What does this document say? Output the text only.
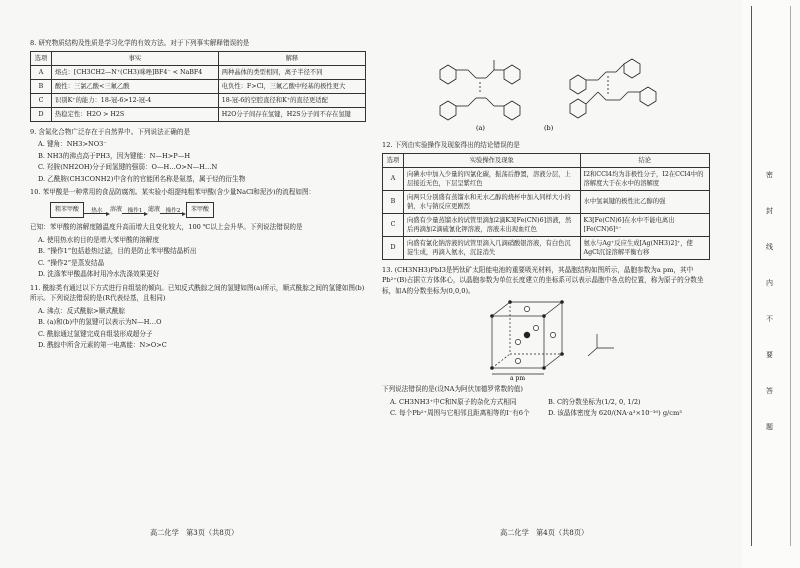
8. 研究物质结构及性质是学习化学的有效方法。对于下列事实解释错误的是
选项	事实	解释
A	熔点：[CH3CH2—N⁺(CH3)咪唑]BF4⁻ < NaBF4	两种晶体的类型相同，离子半径不同
B	酸性：三氯乙酸<三氟乙酸	电负性：F>Cl，三氟乙酸中羟基的极性更大
C	识别K⁺的能力：18-冠-6>12-冠-4	18-冠-6的空腔直径和K⁺的直径更适配
D	热稳定性：H2O > H2S	H2O分子间存在氢键，H2S分子间不存在氢键
9. 含氮化合物广泛存在于自然界中。下列说法正确的是
A. 键角：NH3>NO3⁻
B. NH3的沸点高于PH3，因为键能：N—H>P—H
C. 羟胺(NH2OH)分子间氢键的强弱：O—H…O>N—H…N
D. 乙酰胺(CH3CONH2)中含有的官能团名称是氨基，属于烃的衍生物
10. 苯甲酸是一种常用的食品防腐剂。某实验小组提纯粗苯甲酸(含少量NaCl和泥沙)的流程如图：
粗苯甲酸	热水	溶液	操作1 滤液	操作2	苯甲酸
已知：苯甲酸的溶解度随温度升高而增大且变化较大，100 ℃以上会升华。下列说法错误的是
A. 使用热水的目的是增大苯甲酸的溶解度
B. “操作1”包括趁热过滤，目的是防止苯甲酸结晶析出
C. “操作2”是蒸发结晶
D. 洗涤苯甲酸晶体时用冷水洗涤效果更好
11. 酰腙类有通过以下方式进行自组装的倾向。已知反式酰腙之间的氢键如图(a)所示，顺式酰腙之间的氢键如图(b)所示。下列说法错误的是(R代表烃基，且相同)
A. 沸点：反式酰腙>顺式酰腙
B. (a)和(b)中的氢键可以表示为N—H…O
C. 酰腙通过氢键完成自组装形成超分子
D. 酰腙中所含元素的第一电离能：N>O>C
高二化学　第3页（共8页）
(a)	(b)
12. 下列由实验操作及现象得出的结论错误的是
选项	实验操作及现象	结论
A	向碘水中加入少量的四氯化碳，振荡后静置，溶液分层，上层接近无色，下层呈紫红色	I2和CCl4均为非极性分子，I2在CCl4中的溶解度大于在水中的溶解度
B	向两只分别盛有蒸馏水和无水乙醇的烧杯中加入同样大小的钠，水与钠反应更剧烈	水中氢氧键的极性比乙醇的强
C	向盛有少量蒸馏水的试管里滴加2滴K3[Fe(CN)6]溶液，然后再滴加2滴硫氰化钾溶液，溶液未出现血红色	K3[Fe(CN)6]在水中不能电离出[Fe(CN)6]³⁻
D	向盛有氯化钠溶液的试管里滴入几滴硝酸银溶液，有白色沉淀生成，再滴入氨水，沉淀消失	氨水与Ag⁺反应生成[Ag(NH3)2]⁺，使AgCl沉淀溶解平衡右移
13. (CH3NH3)PbI3是钙钛矿太阳能电池的重要吸光材料，其晶胞结构如图所示，晶胞参数为a pm，其中Pb²⁺(B)占据立方体体心，以晶胞参数为单位长度建立的坐标系可以表示晶胞中各点的位置，称为原子的分数坐标，如A的分数坐标为(0,0,0)。
a pm
下列说法错误的是(设NA为阿伏加德罗常数的值)
A. CH3NH3⁺中C和N原子的杂化方式相同	B. C的分数坐标为(1/2, 0, 1/2)
C. 每个Pb²⁺周围与它相邻且距离相等的I⁻有6个	D. 该晶体密度为 620/(NA·a³×10⁻³⁰) g/cm³
高二化学　第4页（共8页）
密
封
线
内
不
要
答
题
